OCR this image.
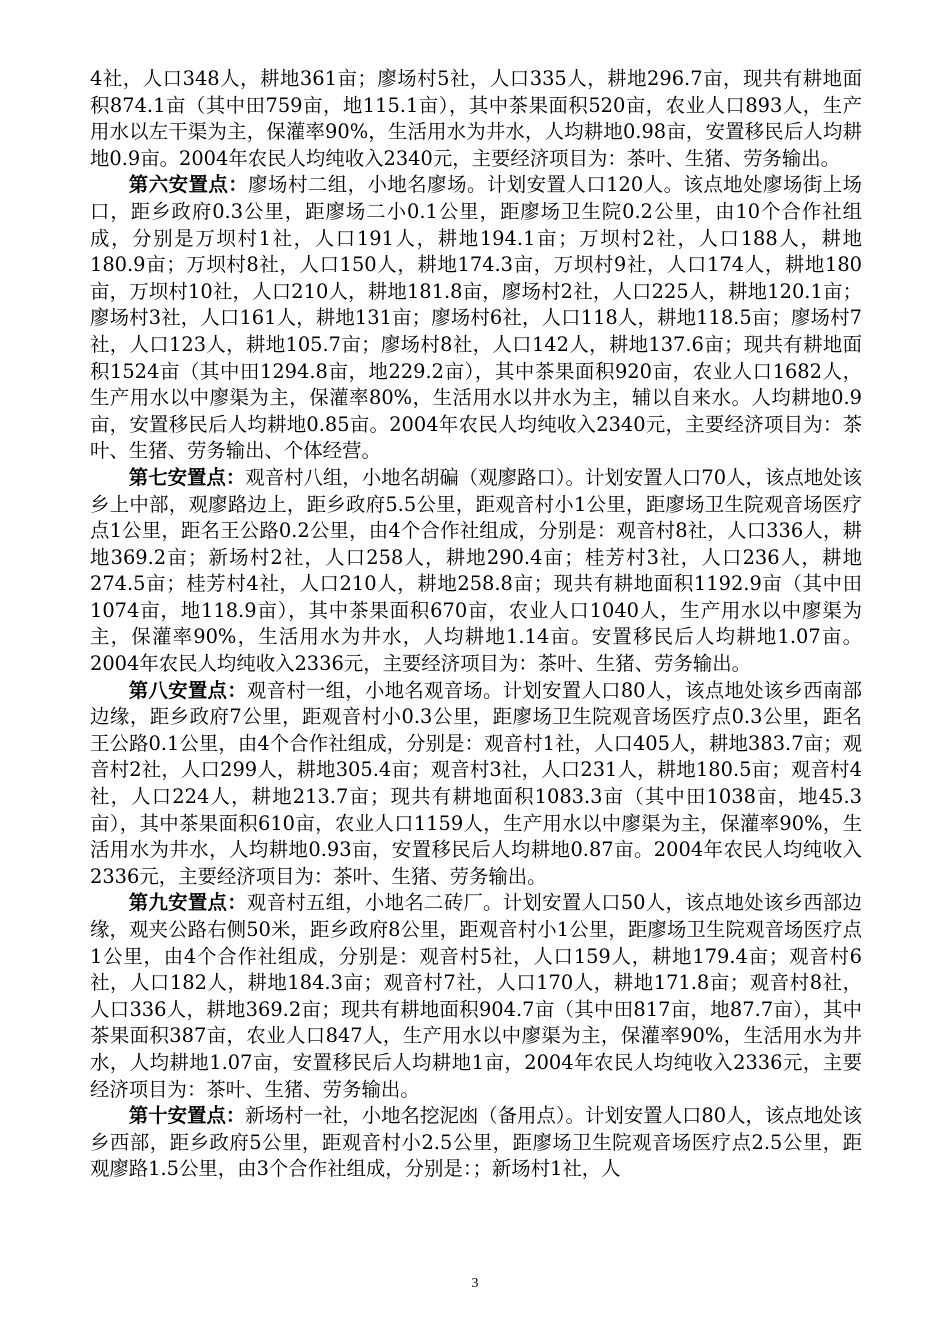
4社，人口348人，耕地361亩；廖场村5社，人口335人，耕地296.7亩，现共有耕地面积874.1亩（其中田759亩，地115.1亩），其中茶果面积520亩，农业人口893人，生产用水以左干渠为主，保灌率90%，生活用水为井水，人均耕地0.98亩，安置移民后人均耕地0.9亩。2004年农民人均纯收入2340元，主要经济项目为：茶叶、生猪、劳务输出。

第六安置点：廖场村二组，小地名廖场。计划安置人口120人。该点地处廖场街上场口，距乡政府0.3公里，距廖场二小0.1公里，距廖场卫生院0.2公里，由10个合作社组成，分别是万坝村1社，人口191人，耕地194.1亩；万坝村2社，人口188人，耕地180.9亩；万坝村8社，人口150人，耕地174.3亩，万坝村9社，人口174人，耕地180亩，万坝村10社，人口210人，耕地181.8亩，廖场村2社，人口225人，耕地120.1亩；廖场村3社，人口161人，耕地131亩；廖场村6社，人口118人，耕地118.5亩；廖场村7社，人口123人，耕地105.7亩；廖场村8社，人口142人，耕地137.6亩；现共有耕地面积1524亩（其中田1294.8亩，地229.2亩），其中茶果面积920亩，农业人口1682人，生产用水以中廖渠为主，保灌率80%，生活用水以井水为主，辅以自来水。人均耕地0.9亩，安置移民后人均耕地0.85亩。2004年农民人均纯收入2340元，主要经济项目为：茶叶、生猪、劳务输出、个体经营。

第七安置点：观音村八组，小地名胡碥（观廖路口）。计划安置人口70人，该点地处该乡上中部，观廖路边上，距乡政府5.5公里，距观音村小1公里，距廖场卫生院观音场医疗点1公里，距名王公路0.2公里，由4个合作社组成，分别是：观音村8社，人口336人，耕地369.2亩；新场村2社，人口258人，耕地290.4亩；桂芳村3社，人口236人，耕地274.5亩；桂芳村4社，人口210人，耕地258.8亩；现共有耕地面积1192.9亩（其中田1074亩，地118.9亩），其中茶果面积670亩，农业人口1040人，生产用水以中廖渠为主，保灌率90%，生活用水为井水，人均耕地1.14亩。安置移民后人均耕地1.07亩。2004年农民人均纯收入2336元，主要经济项目为：茶叶、生猪、劳务输出。

第八安置点：观音村一组，小地名观音场。计划安置人口80人，该点地处该乡西南部边缘，距乡政府7公里，距观音村小0.3公里，距廖场卫生院观音场医疗点0.3公里，距名王公路0.1公里，由4个合作社组成，分别是：观音村1社，人口405人，耕地383.7亩；观音村2社，人口299人，耕地305.4亩；观音村3社，人口231人，耕地180.5亩；观音村4社，人口224人，耕地213.7亩；现共有耕地面积1083.3亩（其中田1038亩，地45.3亩），其中茶果面积610亩，农业人口1159人，生产用水以中廖渠为主，保灌率90%，生活用水为井水，人均耕地0.93亩，安置移民后人均耕地0.87亩。2004年农民人均纯收入2336元，主要经济项目为：茶叶、生猪、劳务输出。

第九安置点：观音村五组，小地名二砖厂。计划安置人口50人，该点地处该乡西部边缘，观夹公路右侧50米，距乡政府8公里，距观音村小1公里，距廖场卫生院观音场医疗点1公里，由4个合作社组成，分别是：观音村5社，人口159人，耕地179.4亩；观音村6社，人口182人，耕地184.3亩；观音村7社，人口170人，耕地171.8亩；观音村8社，人口336人，耕地369.2亩；现共有耕地面积904.7亩（其中田817亩，地87.7亩），其中茶果面积387亩，农业人口847人，生产用水以中廖渠为主，保灌率90%，生活用水为井水，人均耕地1.07亩，安置移民后人均耕地1亩，2004年农民人均纯收入2336元，主要经济项目为：茶叶、生猪、劳务输出。

第十安置点：新场村一社，小地名挖泥凼（备用点）。计划安置人口80人，该点地处该乡西部，距乡政府5公里，距观音村小2.5公里，距廖场卫生院观音场医疗点2.5公里，距观廖路1.5公里，由3个合作社组成，分别是：；新场村1社，人

3
